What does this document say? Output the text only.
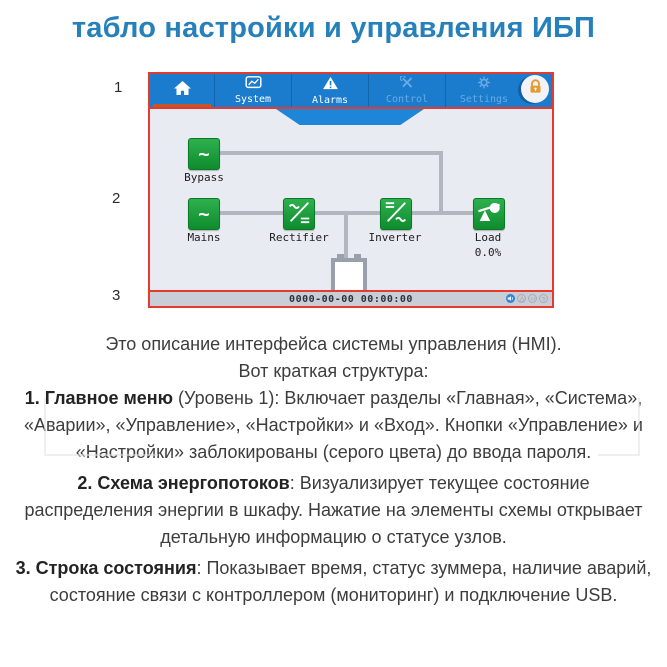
табло настройки и управления ИБП
1
2
3
System	Alarms	Control	Settings
~
Bypass
~
Mains	Rectifier	Inverter	Load
0.0%
0000-00-00 00:00:00

Это описание интерфейса системы управления (HMI).
Вот краткая структура:
1. Главное меню (Уровень 1): Включает разделы «Главная», «Система», «Аварии», «Управление», «Настройки» и «Вход». Кнопки «Управление» и «Настройки» заблокированы (серого цвета) до ввода пароля.

2. Схема энергопотоков: Визуализирует текущее состояние распределения энергии в шкафу. Нажатие на элементы схемы открывает детальную информацию о статусе узлов.

3. Строка состояния: Показывает время, статус зуммера, наличие аварий, состояние связи с контроллером (мониторинг) и подключение USB.
